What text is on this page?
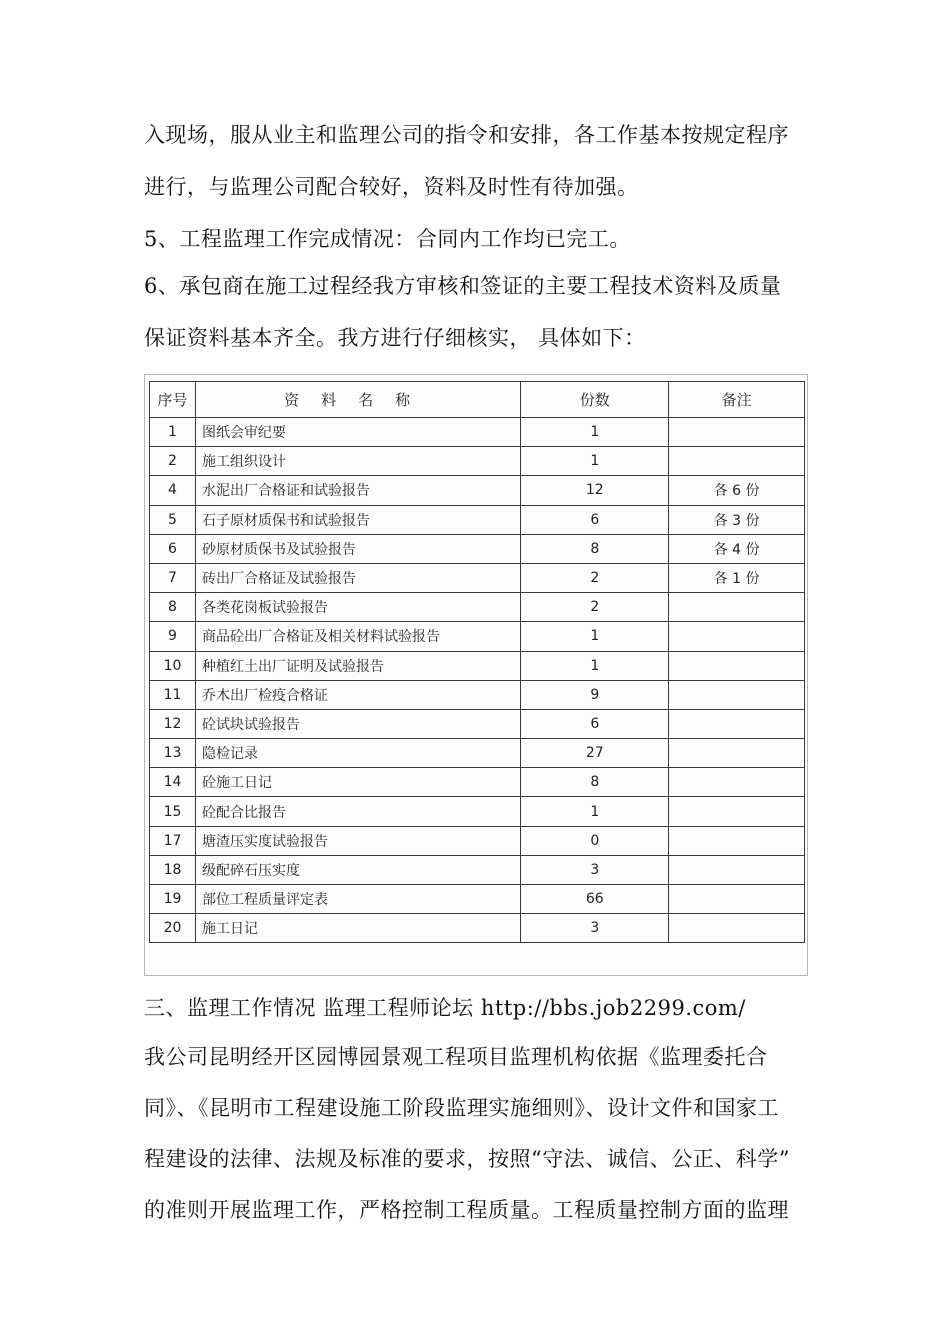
入现场，服从业主和监理公司的指令和安排，各工作基本按规定程序
进行，与监理公司配合较好，资料及时性有待加强。
5、工程监理工作完成情况：合同内工作均已完工。
6、承包商在施工过程经我方审核和签证的主要工程技术资料及质量
保证资料基本齐全。我方进行仔细核实， 具体如下：
序号	资料名称	份数	备注
1	图纸会审纪要	1	
2	施工组织设计	1	
4	水泥出厂合格证和试验报告	12	各 6 份
5	石子原材质保书和试验报告	6	各 3 份
6	砂原材质保书及试验报告	8	各 4 份
7	砖出厂合格证及试验报告	2	各 1 份
8	各类花岗板试验报告	2	
9	商品砼出厂合格证及相关材料试验报告	1	
10	种植红土出厂证明及试验报告	1	
11	乔木出厂检疫合格证	9	
12	砼试块试验报告	6	
13	隐检记录	27	
14	砼施工日记	8	
15	砼配合比报告	1	
17	塘渣压实度试验报告	0	
18	级配碎石压实度	3	
19	部位工程质量评定表	66	
20	施工日记	3	
三、监理工作情况 监理工程师论坛 http://bbs.job2299.com/
我公司昆明经开区园博园景观工程项目监理机构依据《监理委托合
同》、《昆明市工程建设施工阶段监理实施细则》、设计文件和国家工
程建设的法律、法规及标准的要求，按照“守法、诚信、公正、科学”
的准则开展监理工作，严格控制工程质量。工程质量控制方面的监理
